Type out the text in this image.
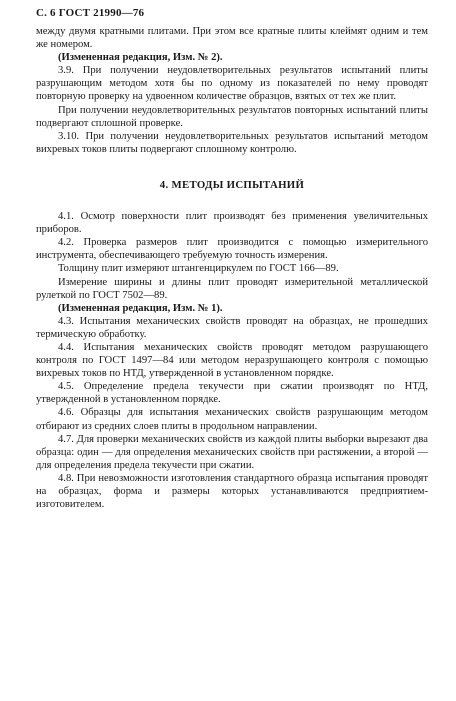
С. 6 ГОСТ 21990—76

между двумя кратными плитами. При этом все кратные плиты клеймят одним и тем же номером.

(Измененная редакция, Изм. № 2).

3.9. При получении неудовлетворительных результатов испытаний плиты разрушающим методом хотя бы по одному из показателей по нему проводят повторную проверку на удвоенном количестве образцов, взятых от тех же плит.

При получении неудовлетворительных результатов повторных испытаний плиты подвергают сплошной проверке.

3.10. При получении неудовлетворительных результатов испытаний методом вихревых токов плиты подвергают сплошному контролю.

4. МЕТОДЫ ИСПЫТАНИЙ

4.1. Осмотр поверхности плит производят без применения увеличительных приборов.

4.2. Проверка размеров плит производится с помощью измерительного инструмента, обеспечивающего требуемую точность измерения.

Толщину плит измеряют штангенциркулем по ГОСТ 166—89.

Измерение ширины и длины плит проводят измерительной металлической рулеткой по ГОСТ 7502—89.

(Измененная редакция, Изм. № 1).

4.3. Испытания механических свойств проводят на образцах, не прошедших термическую обработку.

4.4. Испытания механических свойств проводят методом разрушающего контроля по ГОСТ 1497—84 или методом неразрушающего контроля с помощью вихревых токов по НТД, утвержденной в установленном порядке.

4.5. Определение предела текучести при сжатии производят по НТД, утвержденной в установленном порядке.

4.6. Образцы для испытания механических свойств разрушающим методом отбирают из средних слоев плиты в продольном направлении.

4.7. Для проверки механических свойств из каждой плиты выборки вырезают два образца: один — для определения механических свойств при растяжении, а второй — для определения предела текучести при сжатии.

4.8. При невозможности изготовления стандартного образца испытания проводят на образцах, форма и размеры которых устанавливаются предприятием-изготовителем.
